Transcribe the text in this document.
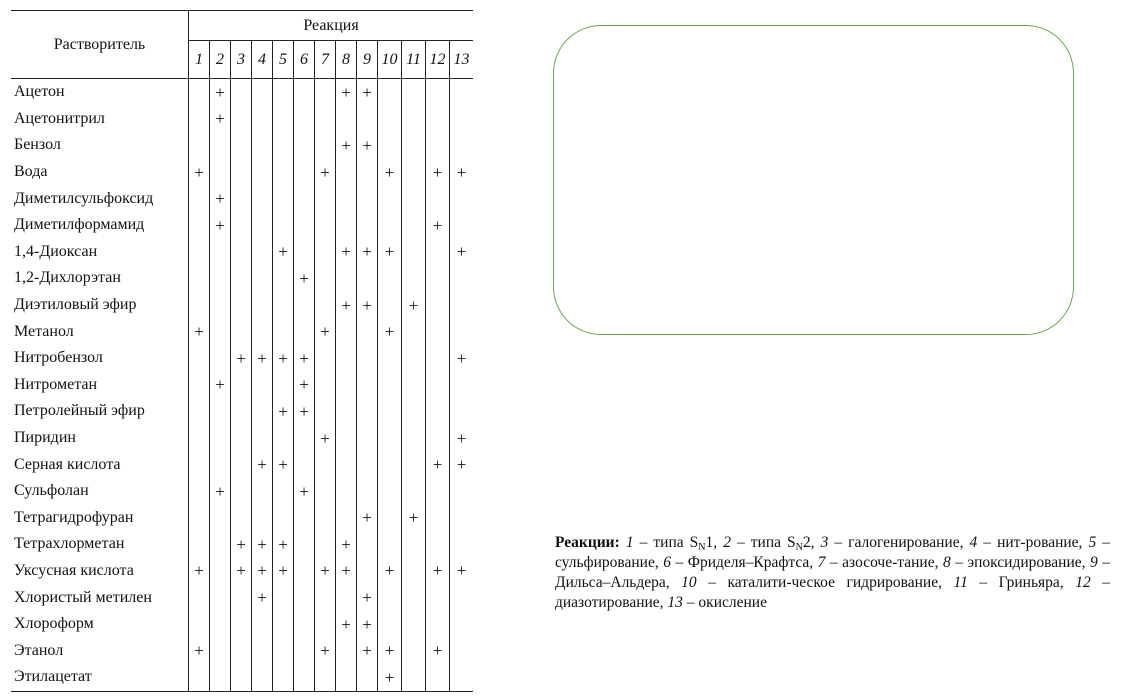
Растворитель	Реакция												
	1	2	3	4	5	6	7	8	9	10	11	12	13
Ацетон		+						+	+				
Ацетонитрил		+											
Бензол								+	+				
Вода	+						+			+		+	+
Диметилсульфоксид		+											
Диметилформамид		+										+	
1,4-Диоксан					+			+	+	+			+
1,2-Дихлорэтан						+							
Диэтиловый эфир								+	+		+		
Метанол	+						+			+			
Нитробензол			+	+	+	+							+
Нитрометан		+				+							
Петролейный эфир					+	+							
Пиридин							+						+
Серная кислота				+	+							+	+
Сульфолан		+				+							
Тетрагидрофуран									+		+		
Тетрахлорметан			+	+	+			+					
Уксусная кислота	+		+	+	+		+	+		+		+	+
Хлористый метилен				+					+				
Хлороформ								+	+				
Этанол	+						+		+	+		+	
Этилацетат										+			
Реакции: 1 – типа $S_N1$, 2 – типа $S_N2$, 3 – галогенирование, 4 – нит-рование, 5 – сульфирование, 6 – Фриделя–Крафтса, 7 – азосоче-тание, 8 – эпоксидирование, 9 – Дильса–Альдера, 10 – каталити-ческое гидрирование, 11 – Гриньяра, 12 –диазотирование, 13 – окисление
